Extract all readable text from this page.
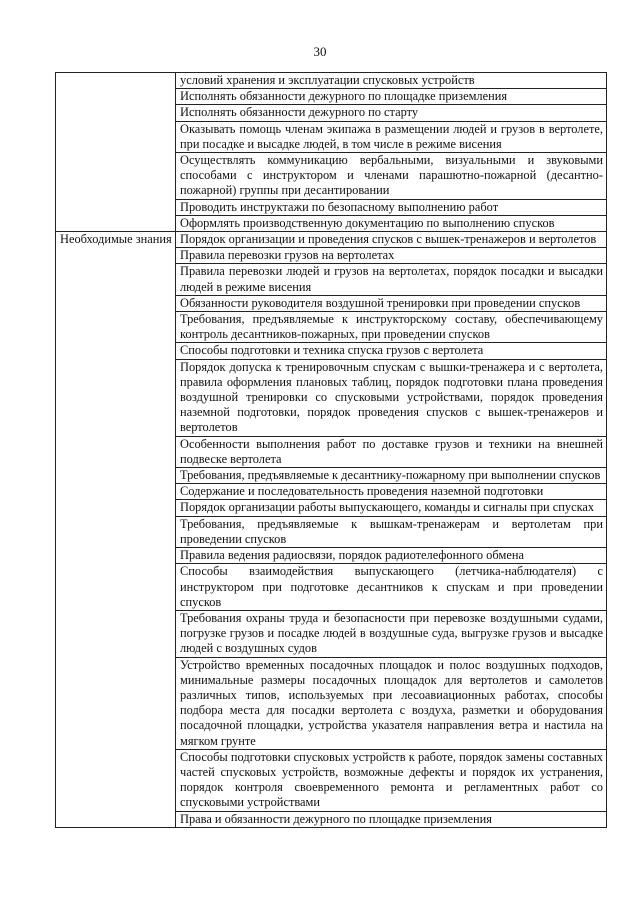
30
	условий хранения и эксплуатации спусковых устройств
	Исполнять обязанности дежурного по площадке приземления
	Исполнять обязанности дежурного по старту
	Оказывать помощь членам экипажа в размещении людей и грузов в вертолете, при посадке и высадке людей, в том числе в режиме висения
	Осуществлять коммуникацию вербальными, визуальными и звуковыми способами с инструктором и членами парашютно-пожарной (десантно-пожарной) группы при десантировании
	Проводить инструктажи по безопасному выполнению работ
	Оформлять производственную документацию по выполнению спусков
Необходимые знания	Порядок организации и проведения спусков с вышек-тренажеров и вертолетов
	Правила перевозки грузов на вертолетах
	Правила перевозки людей и грузов на вертолетах, порядок посадки и высадки людей в режиме висения
	Обязанности руководителя воздушной тренировки при проведении спусков
	Требования, предъявляемые к инструкторскому составу, обеспечивающему контроль десантников-пожарных, при проведении спусков
	Способы подготовки и техника спуска грузов с вертолета
	Порядок допуска к тренировочным спускам с вышки-тренажера и с вертолета, правила оформления плановых таблиц, порядок подготовки плана проведения воздушной тренировки со спусковыми устройствами, порядок проведения наземной подготовки, порядок проведения спусков с вышек-тренажеров и вертолетов
	Особенности выполнения работ по доставке грузов и техники на внешней подвеске вертолета
	Требования, предъявляемые к десантнику-пожарному при выполнении спусков
	Содержание и последовательность проведения наземной подготовки
	Порядок организации работы выпускающего, команды и сигналы при спусках
	Требования, предъявляемые к вышкам-тренажерам и вертолетам при проведении спусков
	Правила ведения радиосвязи, порядок радиотелефонного обмена
	Способы взаимодействия выпускающего (летчика-наблюдателя) с инструктором при подготовке десантников к спускам и при проведении спусков
	Требования охраны труда и безопасности при перевозке воздушными судами, погрузке грузов и посадке людей в воздушные суда, выгрузке грузов и высадке людей с воздушных судов
	Устройство временных посадочных площадок и полос воздушных подходов, минимальные размеры посадочных площадок для вертолетов и самолетов различных типов, используемых при лесоавиационных работах, способы подбора места для посадки вертолета с воздуха, разметки и оборудования посадочной площадки, устройства указателя направления ветра и настила на мягком грунте
	Способы подготовки спусковых устройств к работе, порядок замены составных частей спусковых устройств, возможные дефекты и порядок их устранения, порядок контроля своевременного ремонта и регламентных работ со спусковыми устройствами
	Права и обязанности дежурного по площадке приземления
